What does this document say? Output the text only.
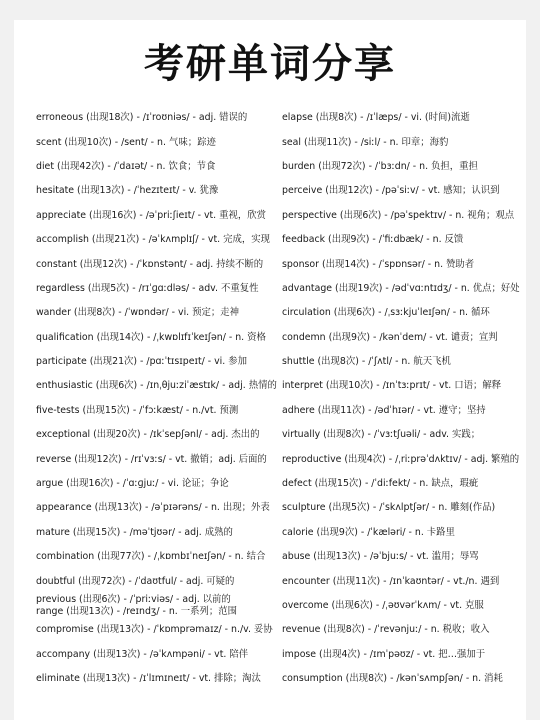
考研单词分享
erroneous (出现18次) - /ɪˈroʊniəs/ - adj. 错误的
scent (出现10次) - /sent/ - n. 气味；踪迹
diet (出现42次) - /ˈdaɪət/ - n. 饮食；节食
hesitate (出现13次) - /ˈhezɪteɪt/ - v. 犹豫
appreciate (出现16次) - /əˈpriːʃieɪt/ - vt. 重视，欣赏
accomplish (出现21次) - /əˈkʌmplɪʃ/ - vt. 完成，实现
constant (出现12次) - /ˈkɒnstənt/ - adj. 持续不断的
regardless (出现5次) - /rɪˈɡɑːdləs/ - adv. 不重复性
wander (出现8次) - /ˈwɒndər/ - vi. 预定；走神
qualification (出现14次) - /ˌkwɒlɪfɪˈkeɪʃən/ - n. 资格
participate (出现21次) - /pɑːˈtɪsɪpeɪt/ - vi. 参加
enthusiastic (出现6次) - /ɪnˌθjuːziˈæstɪk/ - adj. 热情的
five-tests (出现15次) - /ˈfɔːkæst/ - n./vt. 预测
exceptional (出现20次) - /ɪkˈsepʃənl/ - adj. 杰出的
reverse (出现12次) - /rɪˈvɜːs/ - vt. 撤销；adj. 后面的
argue (出现16次) - /ˈɑːɡjuː/ - vi. 论证；争论
appearance (出现13次) - /əˈpɪərəns/ - n. 出现；外表
mature (出现15次) - /məˈtjʊər/ - adj. 成熟的
combination (出现77次) - /ˌkɒmbɪˈneɪʃən/ - n. 结合
doubtful (出现72次) - /ˈdaʊtful/ - adj. 可疑的
previous (出现6次) - /ˈpriːviəs/ - adj. 以前的
range (出现13次) - /reɪndʒ/ - n. 一系列；范围
compromise (出现13次) - /ˈkɒmprəmaɪz/ - n./v. 妥协
accompany (出现13次) - /əˈkʌmpəni/ - vt. 陪伴
eliminate (出现13次) - /ɪˈlɪmɪneɪt/ - vt. 排除；淘汰
elapse (出现8次) - /ɪˈlæps/ - vi. (时间)流逝
seal (出现11次) - /siːl/ - n. 印章；海豹
burden (出现72次) - /ˈbɜːdn/ - n. 负担，重担
perceive (出现12次) - /pəˈsiːv/ - vt. 感知；认识到
perspective (出现6次) - /pəˈspektɪv/ - n. 视角；观点
feedback (出现9次) - /ˈfiːdbæk/ - n. 反馈
sponsor (出现14次) - /ˈspɒnsər/ - n. 赞助者
advantage (出现19次) - /ədˈvɑːntɪdʒ/ - n. 优点；好处
circulation (出现6次) - /ˌsɜːkjuˈleɪʃən/ - n. 循环
condemn (出现9次) - /kənˈdem/ - vt. 谴责；宣判
shuttle (出现8次) - /ˈʃʌtl/ - n. 航天飞机
interpret (出现10次) - /ɪnˈtɜːprɪt/ - vt. 口语；解释
adhere (出现11次) - /ədˈhɪər/ - vt. 遵守；坚持
virtually (出现8次) - /ˈvɜːtʃuəli/ - adv. 实践；
reproductive (出现4次) - /ˌriːprəˈdʌktɪv/ - adj. 繁殖的
defect (出现15次) - /ˈdiːfekt/ - n. 缺点，瑕疵
sculpture (出现5次) - /ˈskʌlptʃər/ - n. 雕刻(作品)
calorie (出现9次) - /ˈkæləri/ - n. 卡路里
abuse (出现13次) - /əˈbjuːs/ - vt. 滥用；辱骂
encounter (出现11次) - /ɪnˈkaʊntər/ - vt./n. 遇到
overcome (出现6次) - /ˌəʊvərˈkʌm/ - vt. 克服
revenue (出现8次) - /ˈrevənjuː/ - n. 税收；收入
impose (出现4次) - /ɪmˈpəʊz/ - vt. 把…强加于
consumption (出现8次) - /kənˈsʌmpʃən/ - n. 消耗
